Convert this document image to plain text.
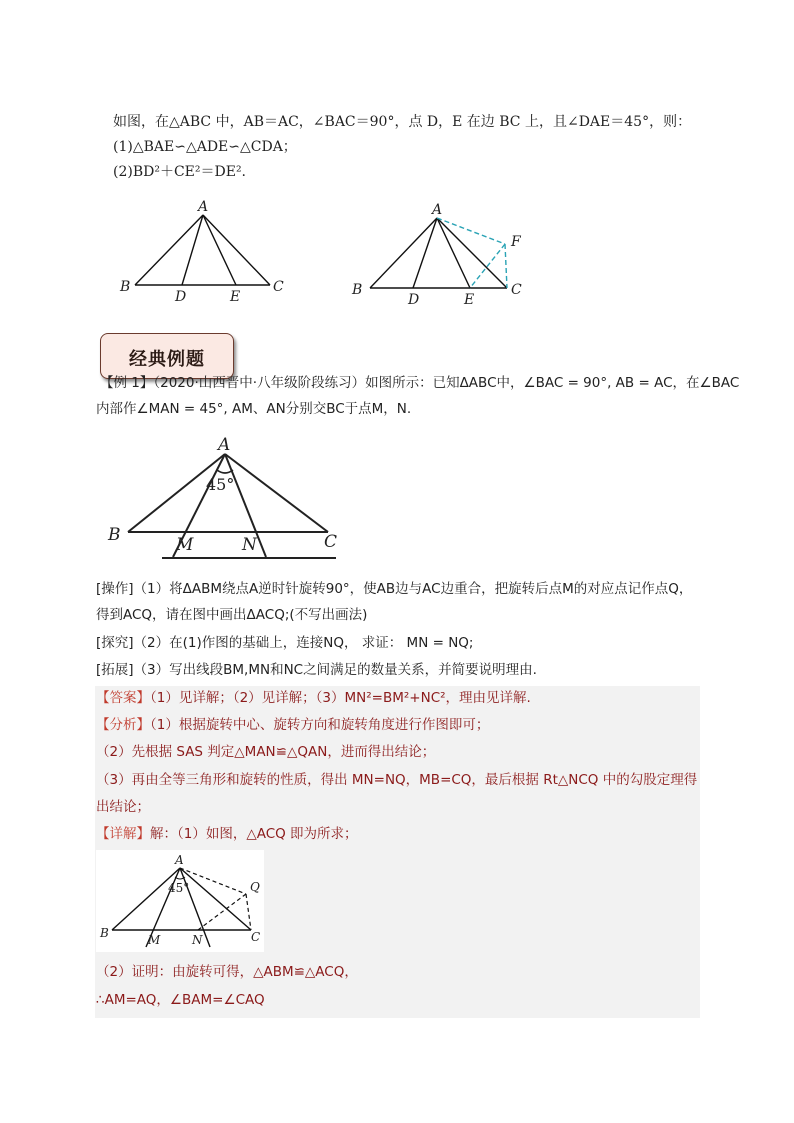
如图，在△ABC 中，AB＝AC，∠BAC＝90°，点 D，E 在边 BC 上，且∠DAE＝45°，则：
(1)△BAE∽△ADE∽△CDA；
(2)BD²＋CE²＝DE².
A
B	C
D	E
A
B	C
D	E
F
经典例题
【例 1】（2020·山西晋中·八年级阶段练习）如图所示：已知ΔABC中，∠BAC = 90°, AB = AC，在∠BAC
内部作∠MAN = 45°, AM、AN分别交BC于点M，N.
A
45°
B	C
M	N
[操作]（1）将ΔABM绕点A逆时针旋转90°，使AB边与AC边重合，把旋转后点M的对应点记作点Q，
得到ACQ，请在图中画出ΔACQ;(不写出画法)
[探究]（2）在(1)作图的基础上，连接NQ， 求证： MN = NQ;
[拓展]（3）写出线段BM,MN和NC之间满足的数量关系，并简要说明理由.
【答案】（1）见详解；（2）见详解；（3）MN²=BM²+NC²，理由见详解.
【分析】（1）根据旋转中心、旋转方向和旋转角度进行作图即可；
（2）先根据 SAS 判定△MAN≌△QAN，进而得出结论；
（3）再由全等三角形和旋转的性质，得出 MN=NQ，MB=CQ，最后根据 Rt△NCQ 中的勾股定理得
出结论；
【详解】解：（1）如图，△ACQ 即为所求；
A
45°	Q
B	C
M	N
（2）证明：由旋转可得，△ABM≌△ACQ，
∴AM=AQ，∠BAM=∠CAQ
